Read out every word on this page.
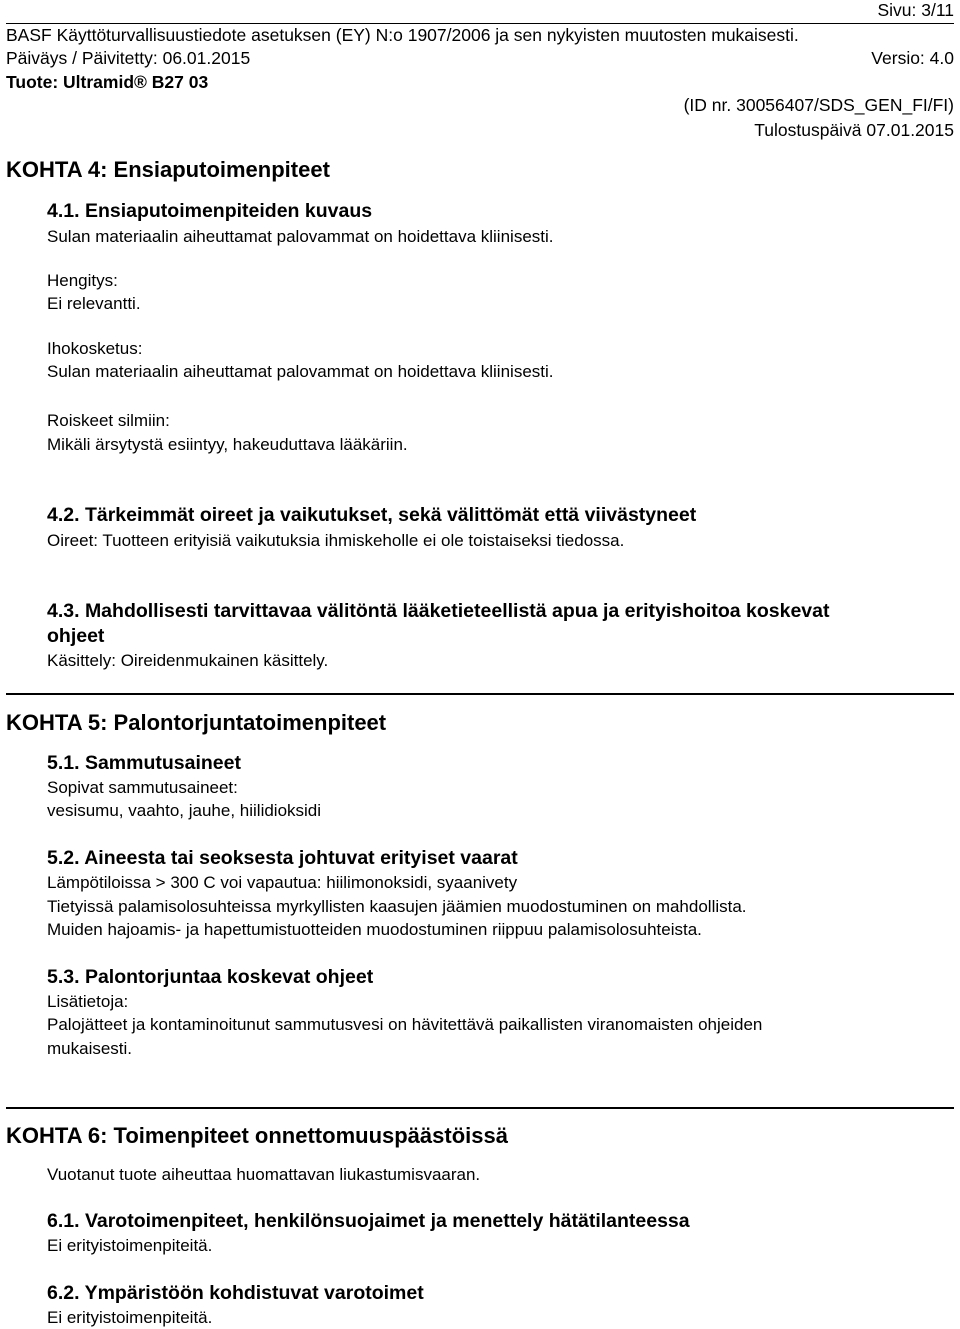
Sivu: 3/11
BASF Käyttöturvallisuustiedote asetuksen (EY) N:o 1907/2006 ja sen nykyisten muutosten mukaisesti.
Päiväys / Päivitetty: 06.01.2015	Versio: 4.0
Tuote: Ultramid® B27 03
(ID nr. 30056407/SDS_GEN_FI/FI)
Tulostuspäivä 07.01.2015
KOHTA 4: Ensiaputoimenpiteet
4.1. Ensiaputoimenpiteiden kuvaus
Sulan materiaalin aiheuttamat palovammat on hoidettava kliinisesti.
Hengitys:
Ei relevantti.
Ihokosketus:
Sulan materiaalin aiheuttamat palovammat on hoidettava kliinisesti.
Roiskeet silmiin:
Mikäli ärsytystä esiintyy, hakeuduttava lääkäriin.
4.2. Tärkeimmät oireet ja vaikutukset, sekä välittömät että viivästyneet
Oireet: Tuotteen erityisiä vaikutuksia ihmiskeholle ei ole toistaiseksi tiedossa.
4.3. Mahdollisesti tarvittavaa välitöntä lääketieteellistä apua ja erityishoitoa koskevat
ohjeet
Käsittely: Oireidenmukainen käsittely.
KOHTA 5: Palontorjuntatoimenpiteet
5.1. Sammutusaineet
Sopivat sammutusaineet:
vesisumu, vaahto, jauhe, hiilidioksidi
5.2. Aineesta tai seoksesta johtuvat erityiset vaarat
Lämpötiloissa > 300 C voi vapautua: hiilimonoksidi, syaanivety
Tietyissä palamisolosuhteissa myrkyllisten kaasujen jäämien muodostuminen on mahdollista.
Muiden hajoamis- ja hapettumistuotteiden muodostuminen riippuu palamisolosuhteista.
5.3. Palontorjuntaa koskevat ohjeet
Lisätietoja:
Palojätteet ja kontaminoitunut sammutusvesi on hävitettävä paikallisten viranomaisten ohjeiden
mukaisesti.
KOHTA 6: Toimenpiteet onnettomuuspäästöissä
Vuotanut tuote aiheuttaa huomattavan liukastumisvaaran.
6.1. Varotoimenpiteet, henkilönsuojaimet ja menettely hätätilanteessa
Ei erityistoimenpiteitä.
6.2. Ympäristöön kohdistuvat varotoimet
Ei erityistoimenpiteitä.
